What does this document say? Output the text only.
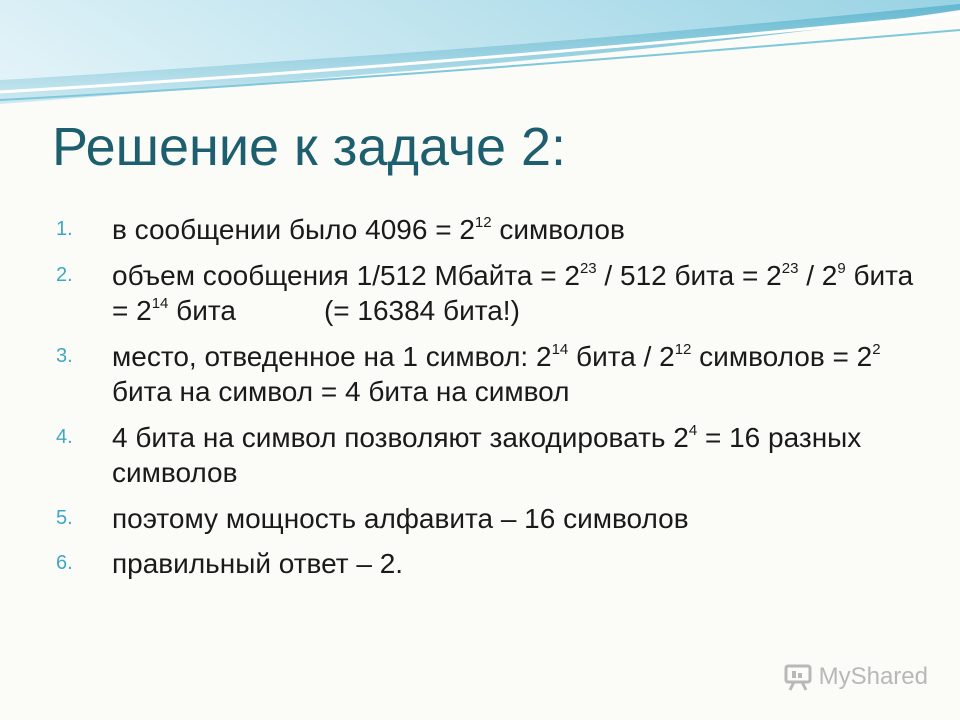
Решение к задаче 2:
1.	в сообщении было $4096 = 2^{12}$ символов
2.	объем сообщения 1/512 Мбайта = $2^{23} / 512$ бита = $2^{23} / 2^9$ бита = $2^{14}$ бита	(= 16384 бита!)
3.	место, отведенное на 1 символ: $2^{14}$ бита / $2^{12}$ символов = $2^2$ бита на символ = 4 бита на символ
4.	4 бита на символ позволяют закодировать $2^4 = 16$ разных символов
5.	поэтому мощность алфавита – 16 символов
6.	правильный ответ – 2.
MyShared
